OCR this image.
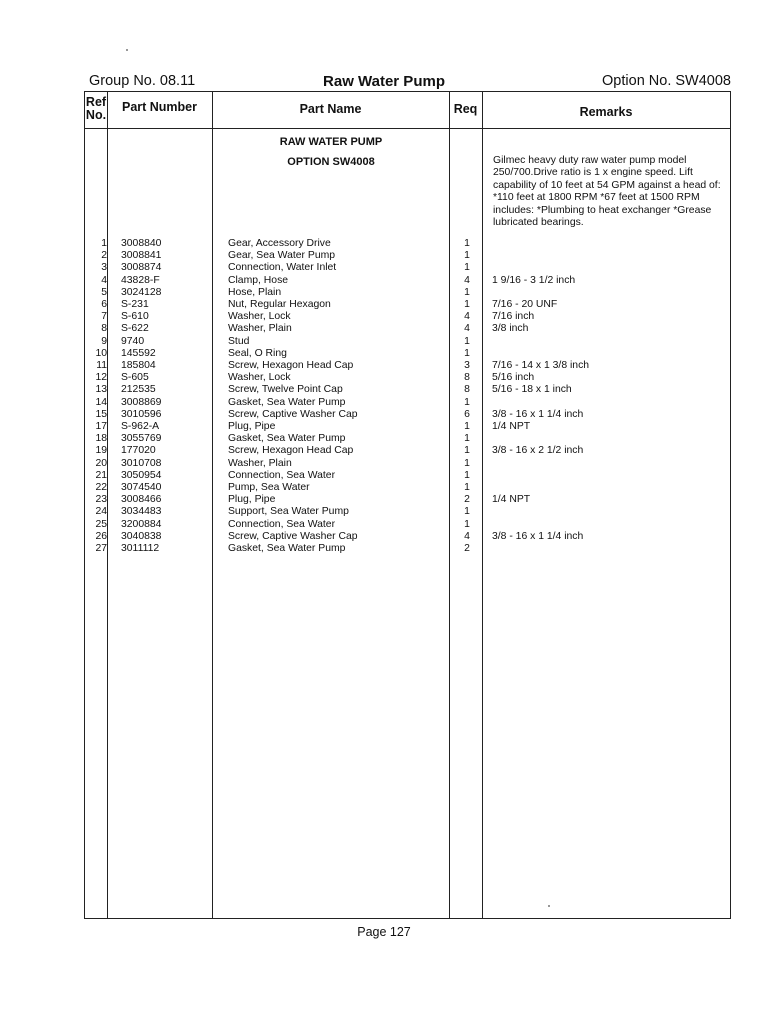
Group No. 08.11	Raw Water Pump	Option No. SW4008
Ref
No.
Part Number	Part Name	Req	Remarks
RAW WATER PUMP
OPTION SW4008	Gilmec heavy duty raw water pump model 250/700.Drive ratio is 1 x engine speed. Lift capability of 10 feet at 54 GPM against a head of: *110 feet at 1800 RPM *67 feet at 1500 RPM includes: *Plumbing to heat exchanger *Grease lubricated bearings.
1 3008840	Gear, Accessory Drive	1
2 3008841	Gear, Sea Water Pump	1
3 3008874	Connection, Water Inlet	1
4 43828-F	Clamp, Hose	4	1 9/16 - 3 1/2 inch
5 3024128	Hose, Plain	1
6 S-231	Nut, Regular Hexagon	1	7/16 - 20 UNF
7 S-610	Washer, Lock	4	7/16 inch
8 S-622	Washer, Plain	4	3/8 inch
9 9740	Stud	1
10 145592	Seal, O Ring	1
11 185804	Screw, Hexagon Head Cap	3	7/16 - 14 x 1 3/8 inch
12 S-605	Washer, Lock	8	5/16 inch
13 212535	Screw, Twelve Point Cap	8	5/16 - 18 x 1 inch
14 3008869	Gasket, Sea Water Pump	1
15 3010596	Screw, Captive Washer Cap	6	3/8 - 16 x 1 1/4 inch
17 S-962-A	Plug, Pipe	1	1/4 NPT
18 3055769	Gasket, Sea Water Pump	1
19 177020	Screw, Hexagon Head Cap	1	3/8 - 16 x 2 1/2 inch
20 3010708	Washer, Plain	1
21 3050954	Connection, Sea Water	1
22 3074540	Pump, Sea Water	1
23 3008466	Plug, Pipe	2	1/4 NPT
24 3034483	Support, Sea Water Pump	1
25 3200884	Connection, Sea Water	1
26 3040838	Screw, Captive Washer Cap	4	3/8 - 16 x 1 1/4 inch
27 3011112	Gasket, Sea Water Pump	2
Page 127
